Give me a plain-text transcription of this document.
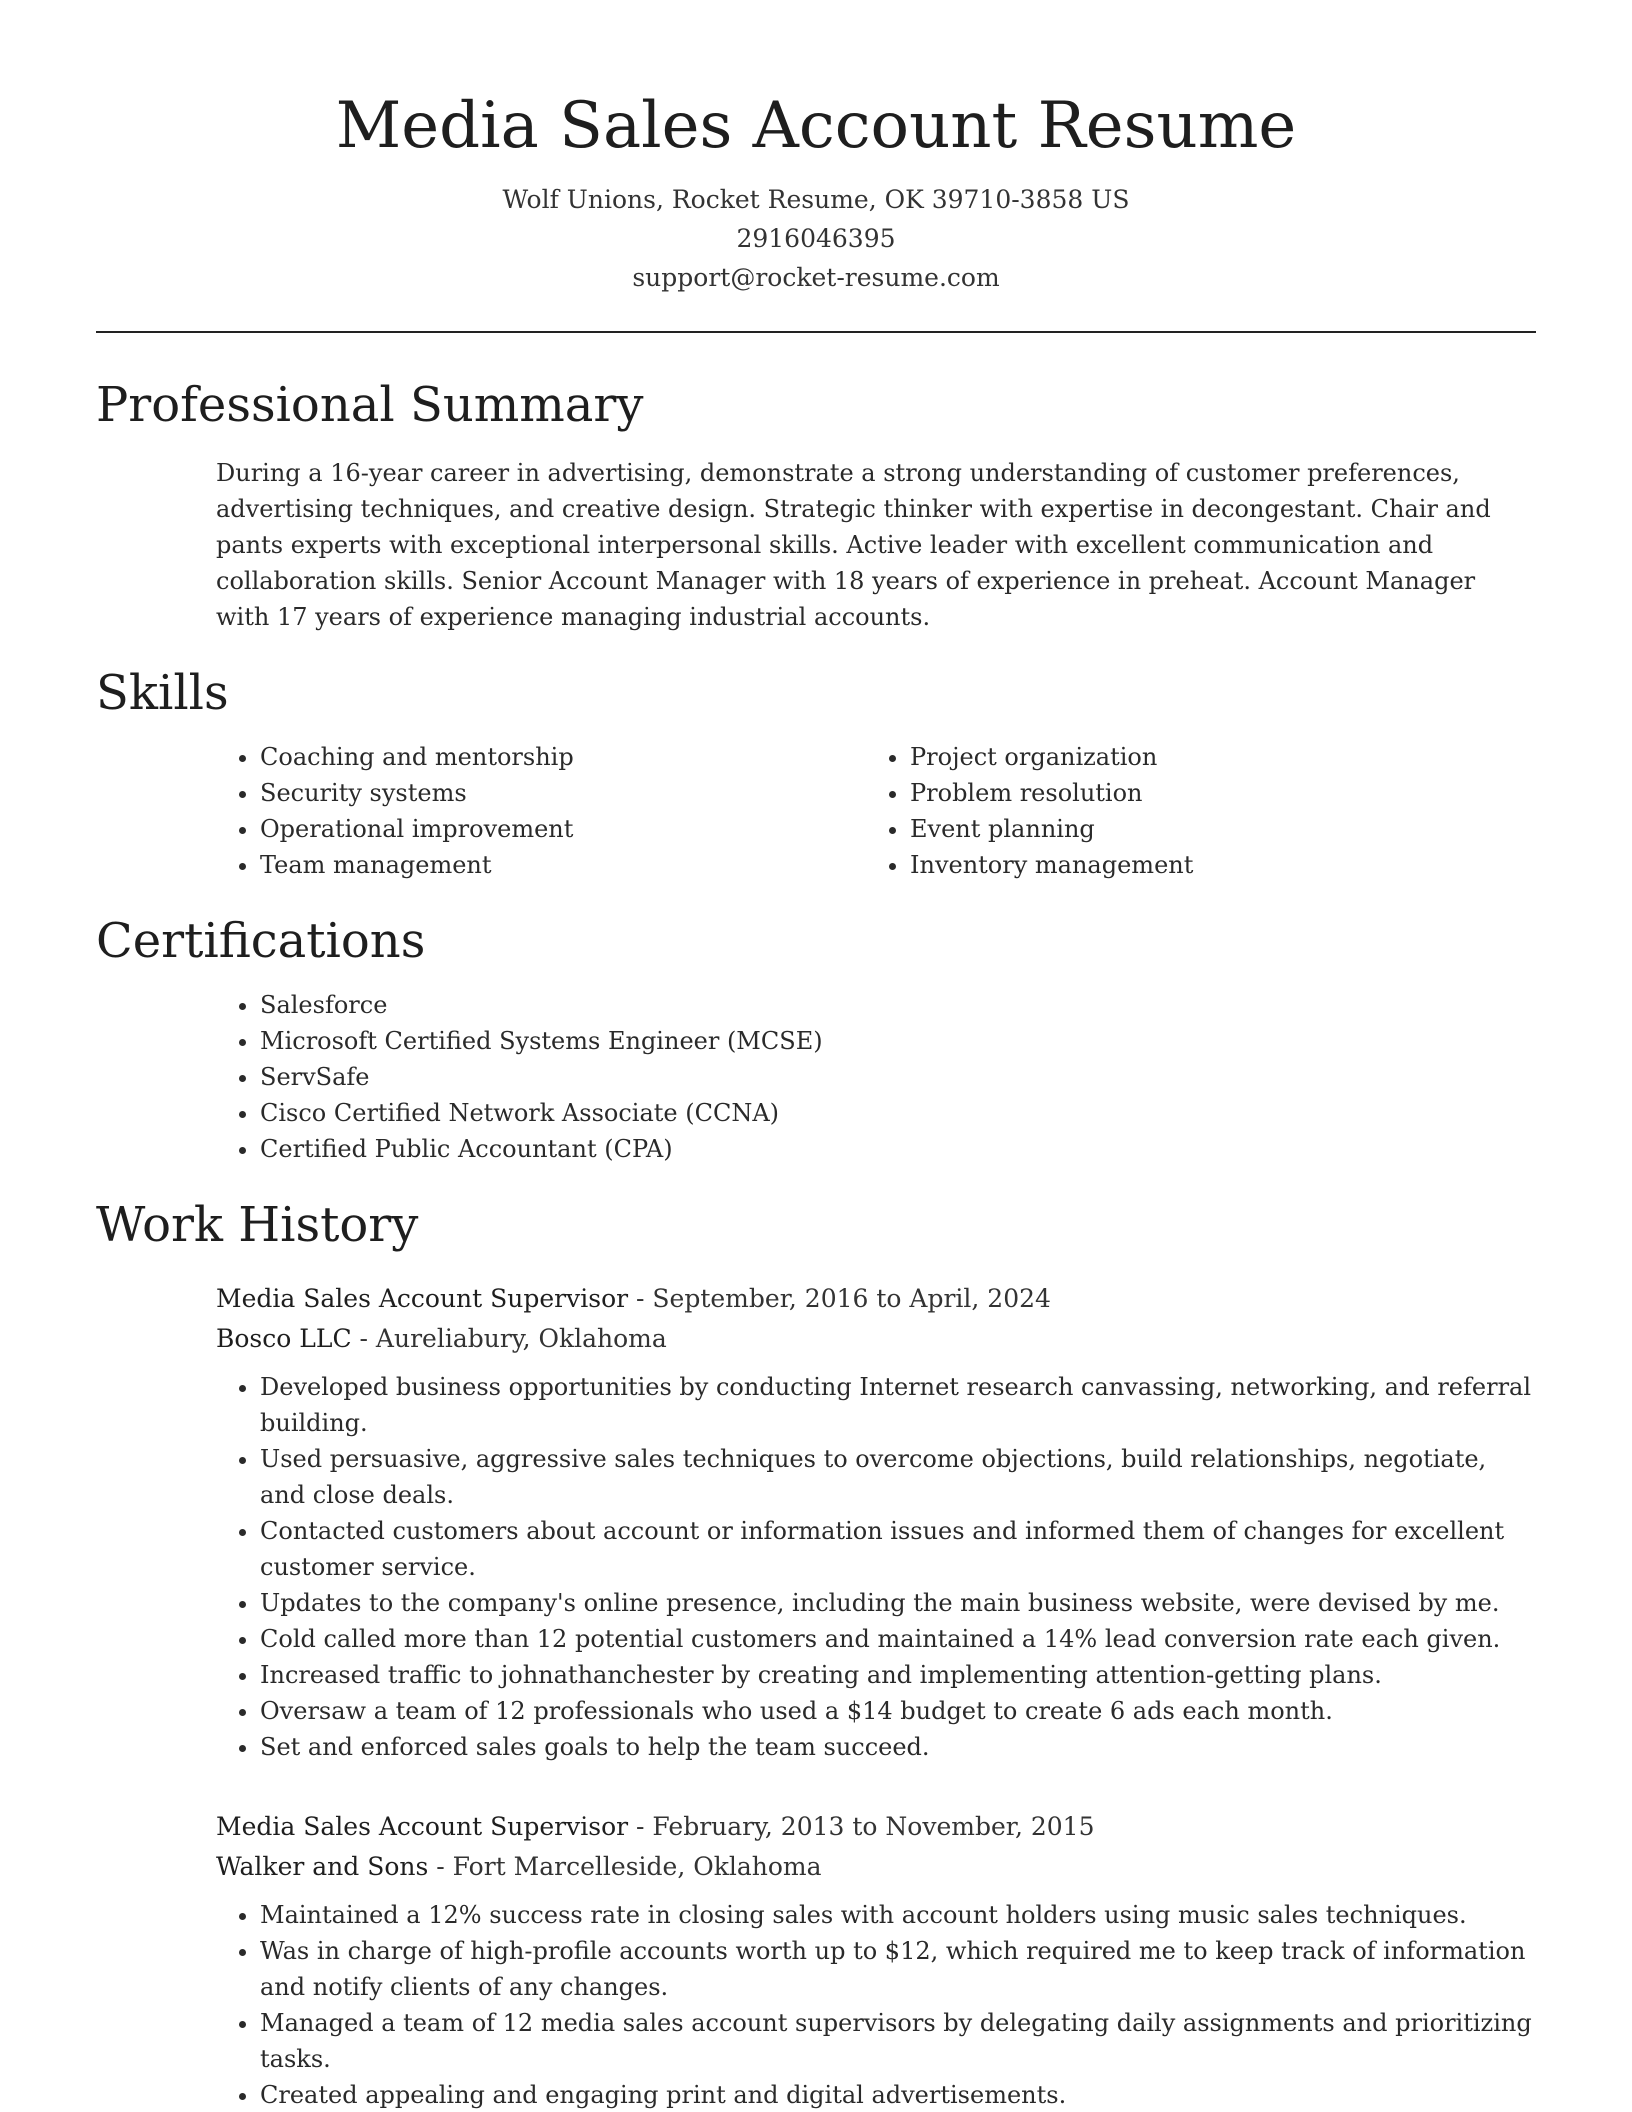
Media Sales Account Resume
Wolf Unions, Rocket Resume, OK 39710-3858 US
2916046395
support@rocket-resume.com
Professional Summary

During a 16-year career in advertising, demonstrate a strong understanding of customer preferences, advertising techniques, and creative design. Strategic thinker with expertise in decongestant. Chair and pants experts with exceptional interpersonal skills. Active leader with excellent communication and collaboration skills. Senior Account Manager with 18 years of experience in preheat. Account Manager with 17 years of experience managing industrial accounts.

Skills
• Coaching and mentorship
• Security systems
• Operational improvement
• Team management
• Project organization
• Problem resolution
• Event planning
• Inventory management
Certifications
• Salesforce
• Microsoft Certified Systems Engineer (MCSE)
• ServSafe
• Cisco Certified Network Associate (CCNA)
• Certified Public Accountant (CPA)
Work History
Media Sales Account Supervisor - September, 2016 to April, 2024
Bosco LLC - Aureliabury, Oklahoma
• Developed business opportunities by conducting Internet research canvassing, networking, and referral building.
• Used persuasive, aggressive sales techniques to overcome objections, build relationships, negotiate, and close deals.
• Contacted customers about account or information issues and informed them of changes for excellent customer service.
• Updates to the company's online presence, including the main business website, were devised by me.
• Cold called more than 12 potential customers and maintained a 14% lead conversion rate each given.
• Increased traffic to johnathanchester by creating and implementing attention-getting plans.
• Oversaw a team of 12 professionals who used a $14 budget to create 6 ads each month.
• Set and enforced sales goals to help the team succeed.
Media Sales Account Supervisor - February, 2013 to November, 2015
Walker and Sons - Fort Marcelleside, Oklahoma
• Maintained a 12% success rate in closing sales with account holders using music sales techniques.
• Was in charge of high-profile accounts worth up to $12, which required me to keep track of information and notify clients of any changes.
• Managed a team of 12 media sales account supervisors by delegating daily assignments and prioritizing tasks.
• Created appealing and engaging print and digital advertisements.
